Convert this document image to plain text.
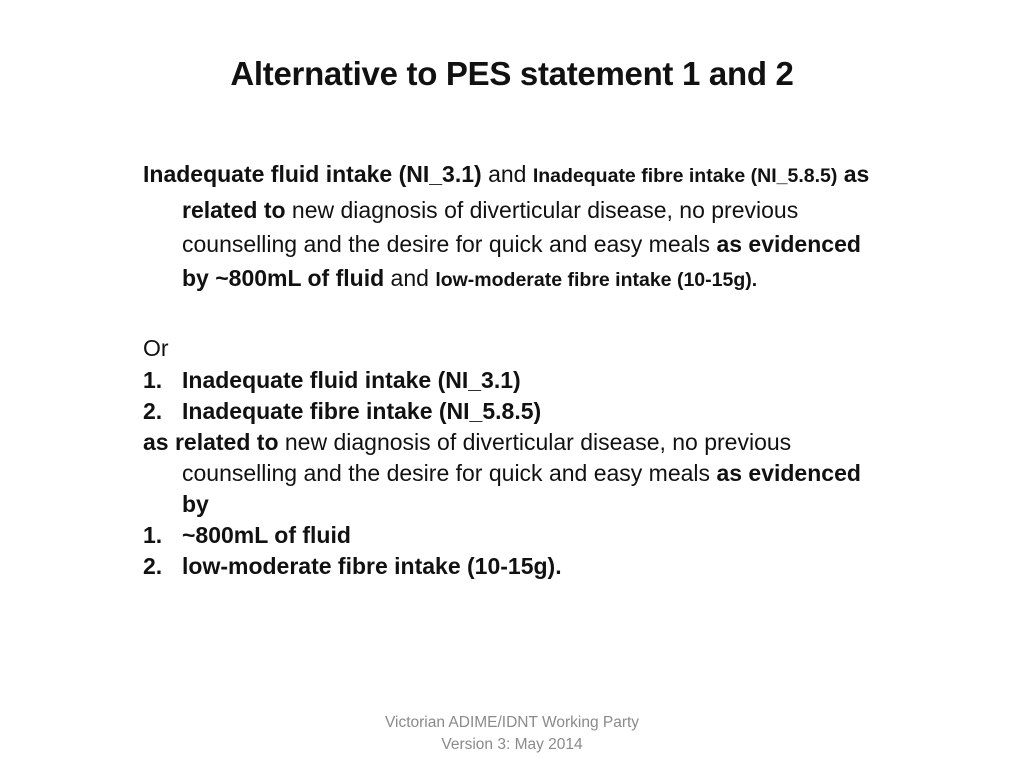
Alternative to PES statement 1 and 2

Inadequate fluid intake (NI_3.1) and Inadequate fibre intake (NI_5.8.5) as related to new diagnosis of diverticular disease, no previous counselling and the desire for quick and easy meals as evidenced by ~800mL of fluid and low-moderate fibre intake (10-15g).

Or

1. Inadequate fluid intake (NI_3.1)
2. Inadequate fibre intake (NI_5.8.5)

as related to new diagnosis of diverticular disease, no previous counselling and the desire for quick and easy meals as evidenced by

1. ~800mL of fluid
2. low-moderate fibre intake (10-15g).
Victorian ADIME/IDNT Working Party
Version 3: May 2014
